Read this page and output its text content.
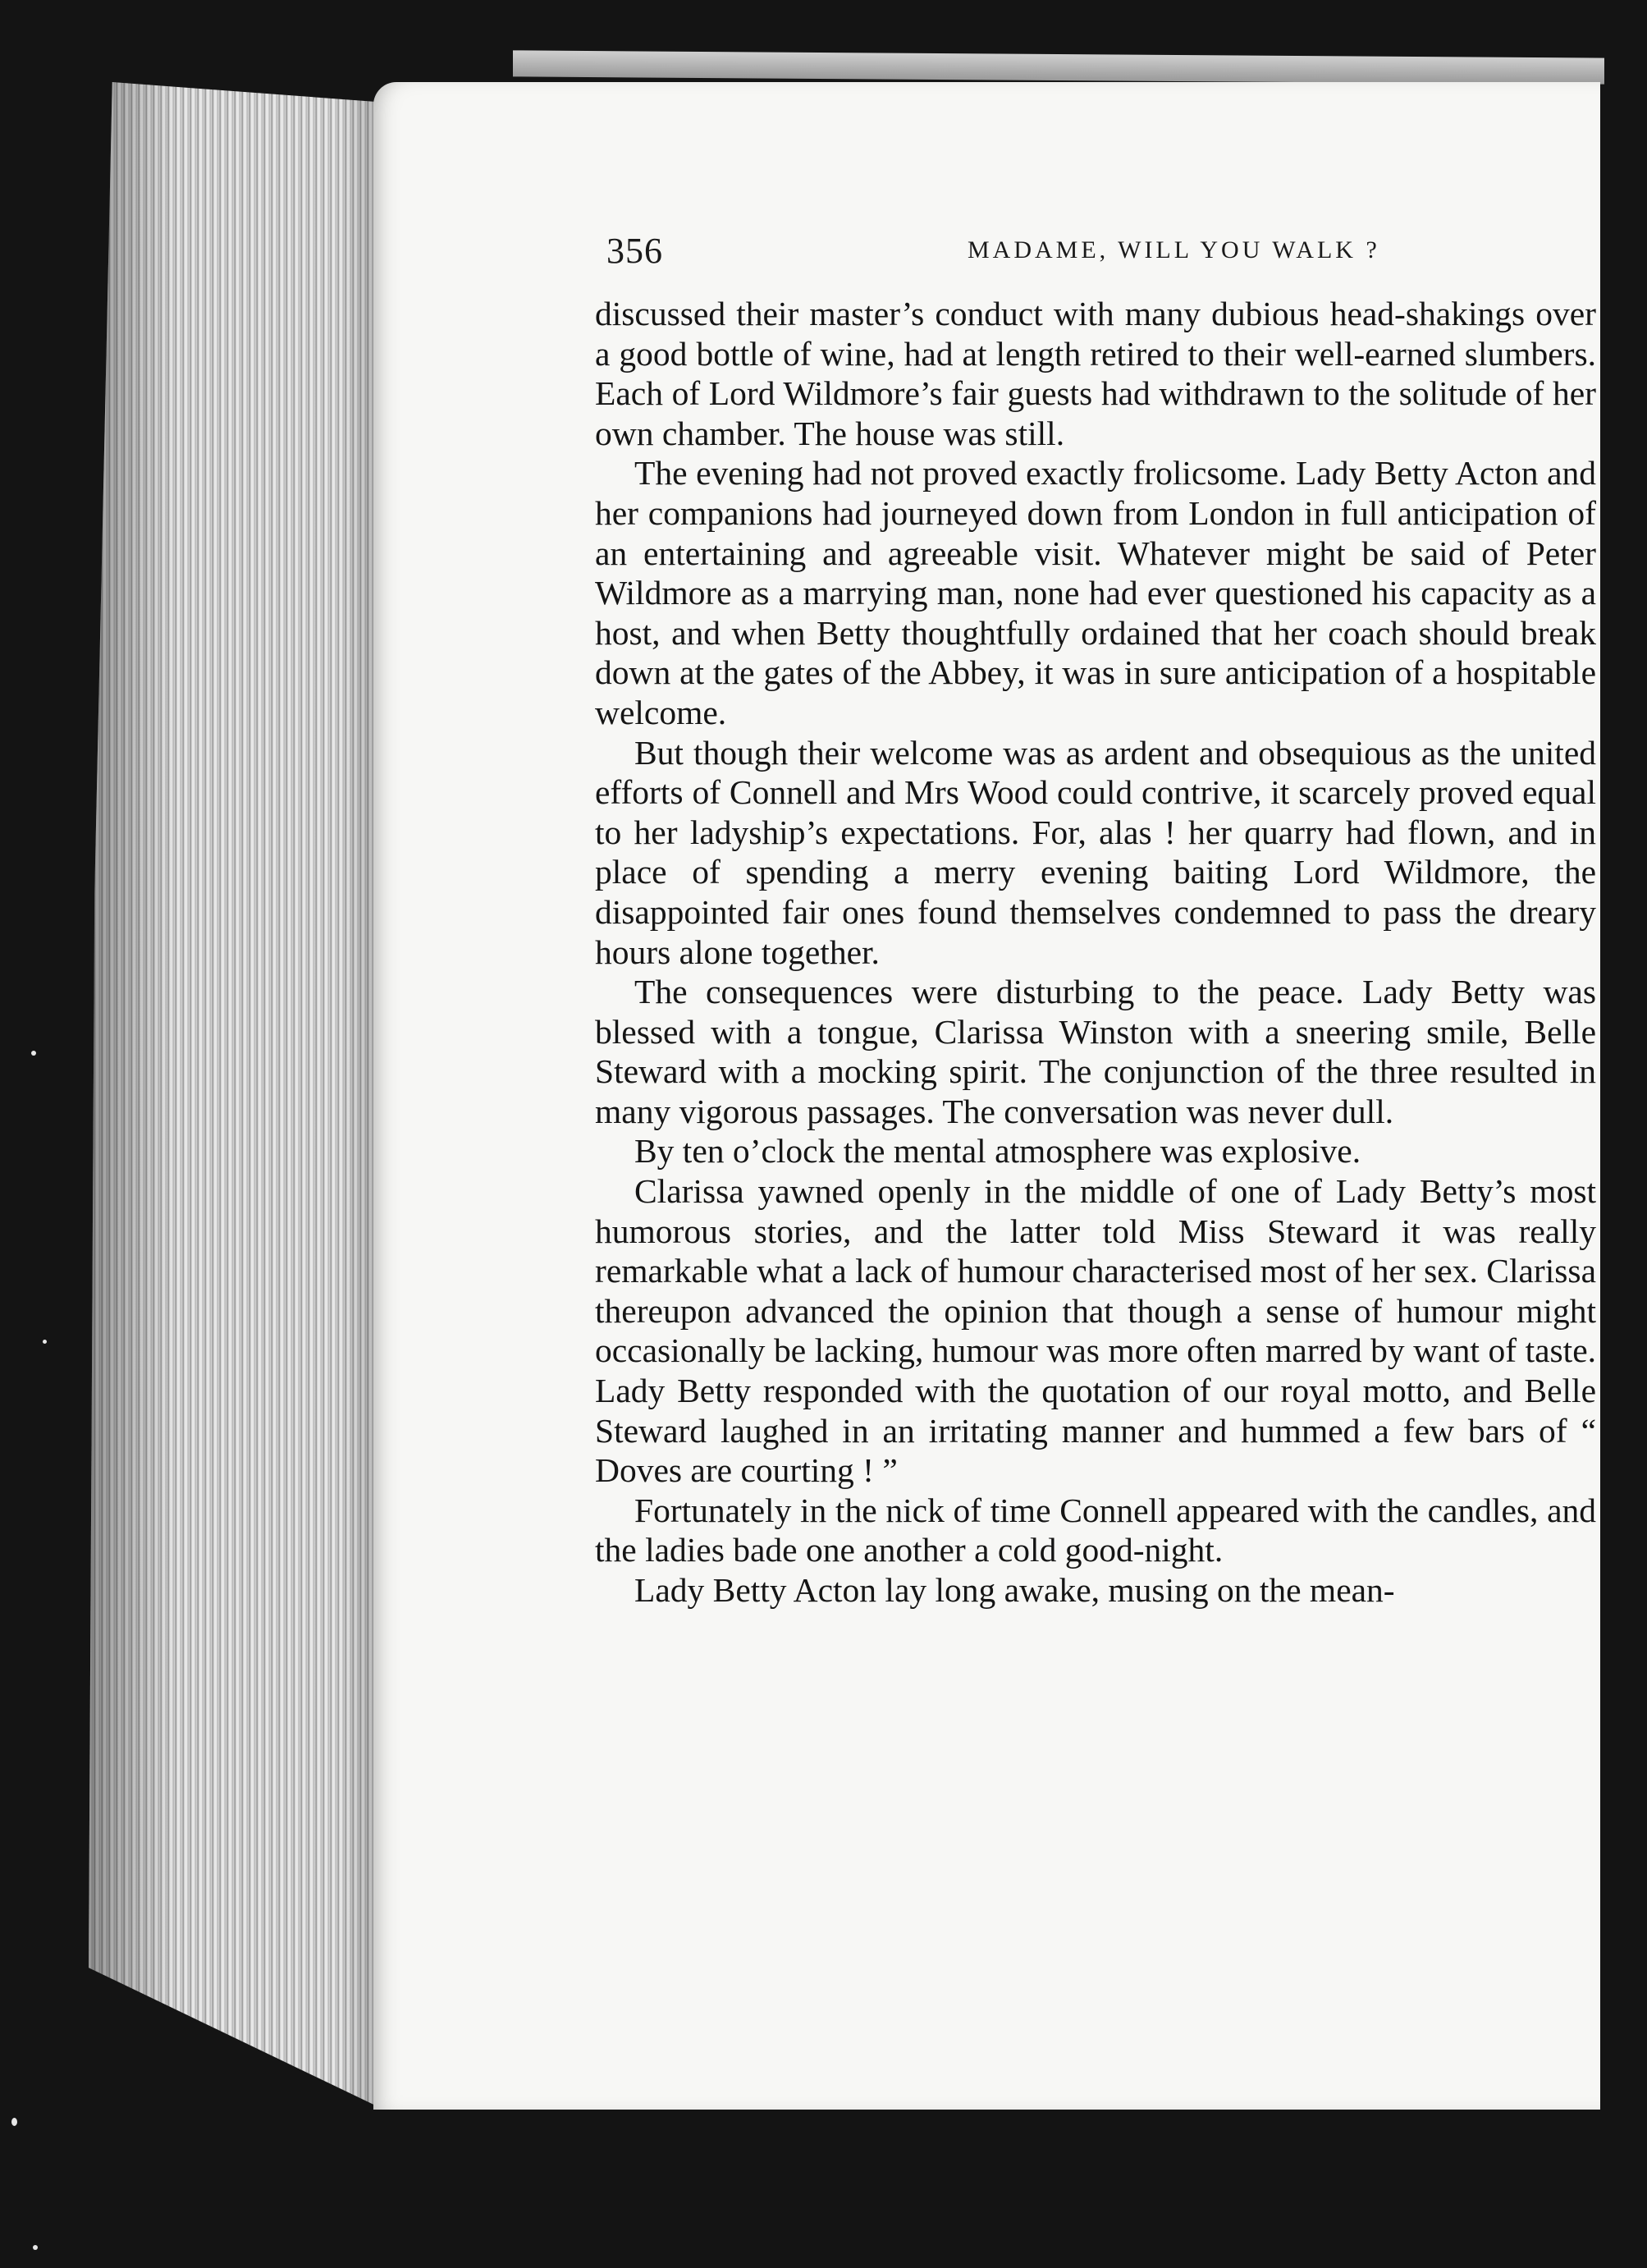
356	MADAME, WILL YOU WALK ?

discussed their master’s conduct with many dubious head-shakings over a good bottle of wine, had at length retired to their well-earned slumbers. Each of Lord Wildmore’s fair guests had withdrawn to the solitude of her own chamber. The house was still.

The evening had not proved exactly frolicsome. Lady Betty Acton and her companions had journeyed down from London in full anticipation of an entertaining and agreeable visit. Whatever might be said of Peter Wildmore as a marrying man, none had ever questioned his capacity as a host, and when Betty thoughtfully ordained that her coach should break down at the gates of the Abbey, it was in sure anticipation of a hospitable welcome.

But though their welcome was as ardent and obsequious as the united efforts of Connell and Mrs Wood could contrive, it scarcely proved equal to her ladyship’s expectations. For, alas ! her quarry had flown, and in place of spending a merry evening baiting Lord Wildmore, the disappointed fair ones found themselves condemned to pass the dreary hours alone together.

The consequences were disturbing to the peace. Lady Betty was blessed with a tongue, Clarissa Winston with a sneering smile, Belle Steward with a mocking spirit. The conjunction of the three resulted in many vigorous passages. The conversation was never dull.

By ten o’clock the mental atmosphere was explosive.

Clarissa yawned openly in the middle of one of Lady Betty’s most humorous stories, and the latter told Miss Steward it was really remarkable what a lack of humour characterised most of her sex. Clarissa thereupon advanced the opinion that though a sense of humour might occasionally be lacking, humour was more often marred by want of taste. Lady Betty responded with the quotation of our royal motto, and Belle Steward laughed in an irritating manner and hummed a few bars of “ Doves are courting ! ”

Fortunately in the nick of time Connell appeared with the candles, and the ladies bade one another a cold good-night.

Lady Betty Acton lay long awake, musing on the mean-
